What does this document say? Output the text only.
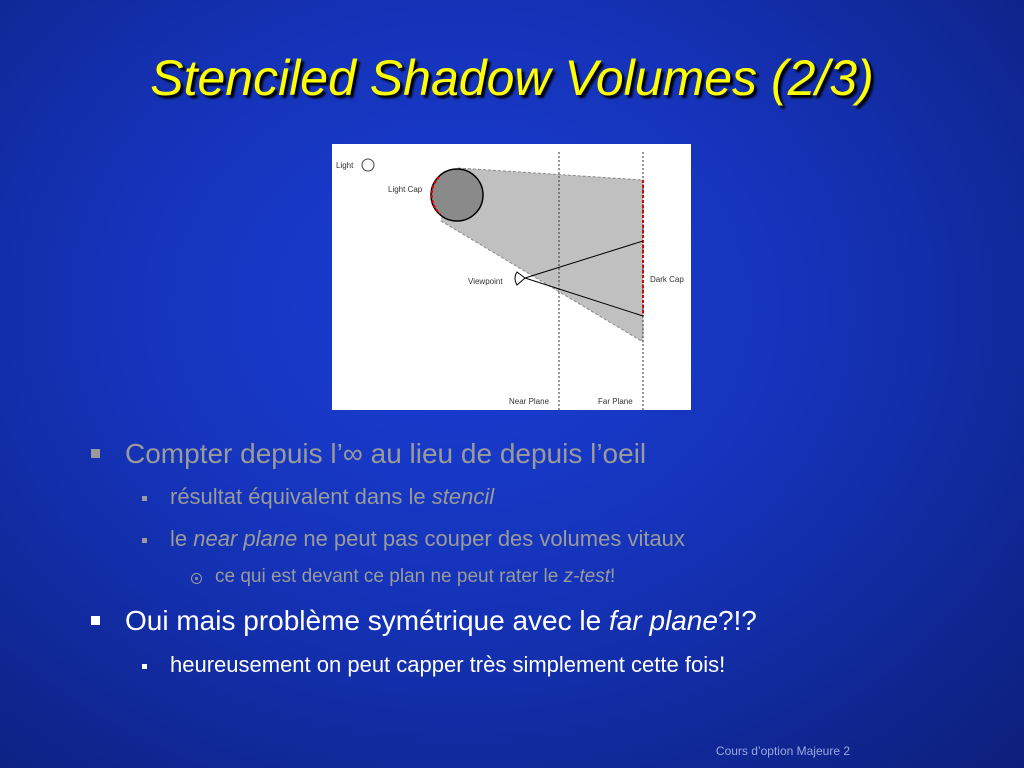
Stenciled Shadow Volumes (2/3)
Light
Light Cap
Viewpoint	Dark Cap
Near Plane	Far Plane
Compter depuis l’∞ au lieu de depuis l’oeil
résultat équivalent dans le stencil
le near plane ne peut pas couper des volumes vitaux
ce qui est devant ce plan ne peut rater le z-test!
Oui mais problème symétrique avec le far plane?!?
heureusement on peut capper très simplement cette fois!
Cours d’option Majeure 2
